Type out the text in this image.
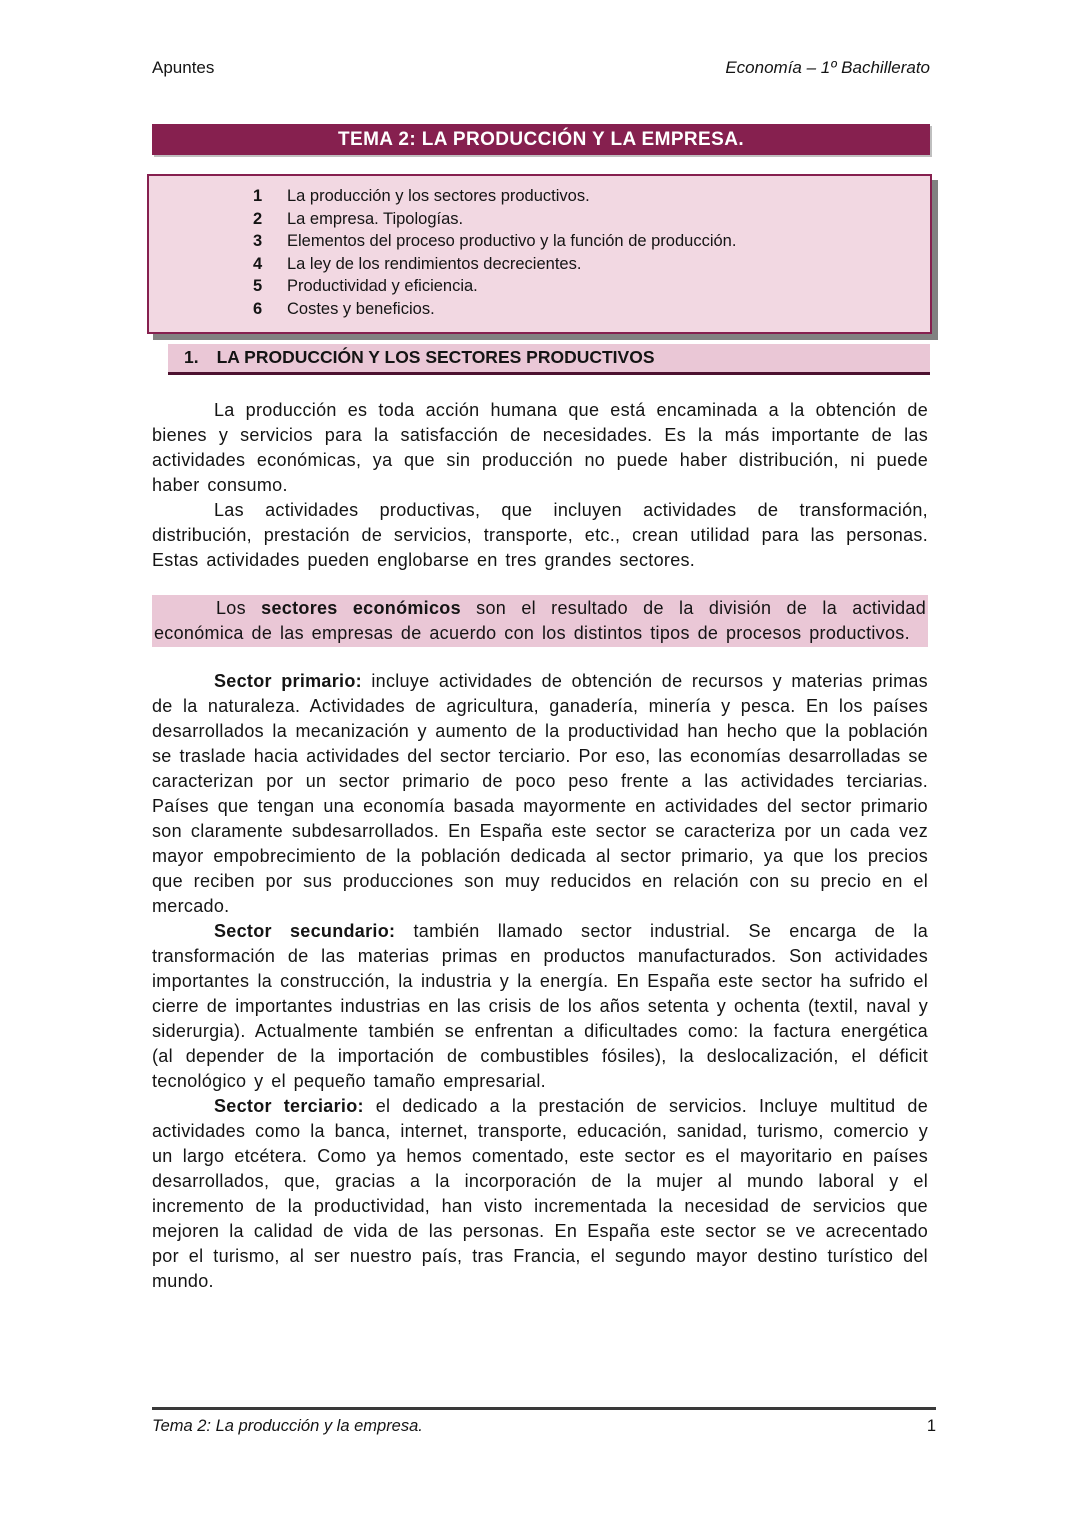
Apuntes	Economía – 1º Bachillerato
TEMA 2: LA PRODUCCIÓN Y LA EMPRESA.
1	La producción y los sectores productivos.
2	La empresa. Tipologías.
3	Elementos del proceso productivo y la función de producción.
4	La ley de los rendimientos decrecientes.
5	Productividad y eficiencia.
6	Costes y beneficios.
1. LA PRODUCCIÓN Y LOS SECTORES PRODUCTIVOS

La producción es toda acción humana que está encaminada a la obtención de bienes y servicios para la satisfacción de necesidades. Es la más importante de las actividades económicas, ya que sin producción no puede haber distribución, ni puede haber consumo.

Las actividades productivas, que incluyen actividades de transformación, distribución, prestación de servicios, transporte, etc., crean utilidad para las personas. Estas actividades pueden englobarse en tres grandes sectores.

Los sectores económicos son el resultado de la división de la actividad económica de las empresas de acuerdo con los distintos tipos de procesos productivos.

Sector primario: incluye actividades de obtención de recursos y materias primas de la naturaleza. Actividades de agricultura, ganadería, minería y pesca. En los países desarrollados la mecanización y aumento de la productividad han hecho que la población se traslade hacia actividades del sector terciario. Por eso, las economías desarrolladas se caracterizan por un sector primario de poco peso frente a las actividades terciarias. Países que tengan una economía basada mayormente en actividades del sector primario son claramente subdesarrollados. En España este sector se caracteriza por un cada vez mayor empobrecimiento de la población dedicada al sector primario, ya que los precios que reciben por sus producciones son muy reducidos en relación con su precio en el mercado.

Sector secundario: también llamado sector industrial. Se encarga de la transformación de las materias primas en productos manufacturados. Son actividades importantes la construcción, la industria y la energía. En España este sector ha sufrido el cierre de importantes industrias en las crisis de los años setenta y ochenta (textil, naval y siderurgia). Actualmente también se enfrentan a dificultades como: la factura energética (al depender de la importación de combustibles fósiles), la deslocalización, el déficit tecnológico y el pequeño tamaño empresarial.

Sector terciario: el dedicado a la prestación de servicios. Incluye multitud de actividades como la banca, internet, transporte, educación, sanidad, turismo, comercio y un largo etcétera. Como ya hemos comentado, este sector es el mayoritario en países desarrollados, que, gracias a la incorporación de la mujer al mundo laboral y el incremento de la productividad, han visto incrementada la necesidad de servicios que mejoren la calidad de vida de las personas. En España este sector se ve acrecentado por el turismo, al ser nuestro país, tras Francia, el segundo mayor destino turístico del mundo.

Tema 2: La producción y la empresa.	1
